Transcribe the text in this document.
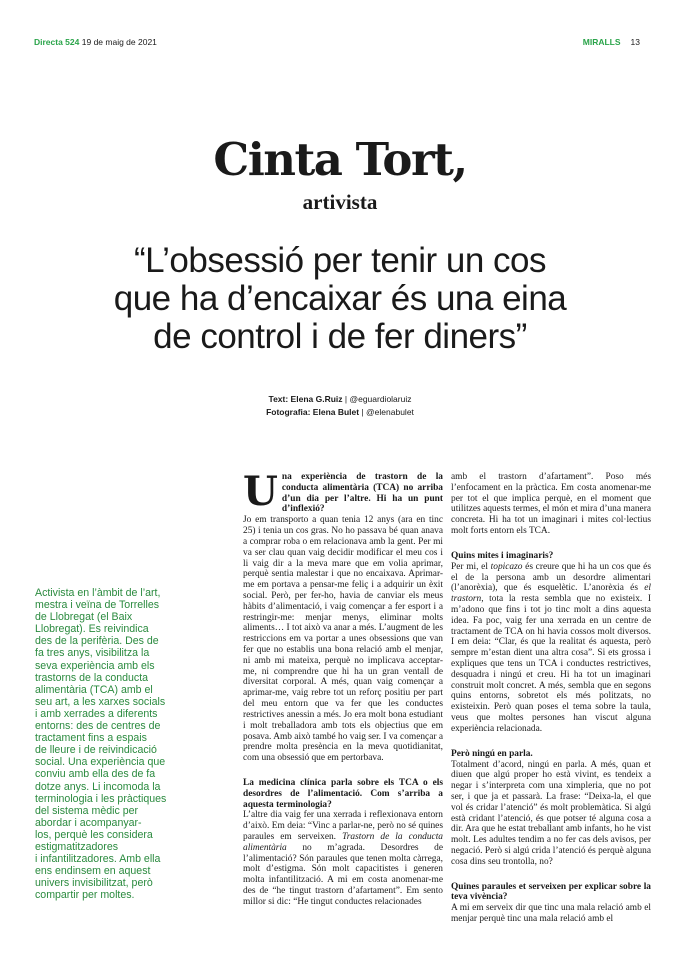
Directa 524 19 de maig de 2021	MIRALLS 13
Cinta Tort,
artivista
“L’obsessió per tenir un cos
que ha d’encaixar és una eina
de control i de fer diners”
Text: Elena G.Ruiz | @eguardiolaruiz
Fotografia: Elena Bulet | @elenabulet
Activista en l’àmbit de l’art,
mestra i veïna de Torrelles
de Llobregat (el Baix
Llobregat). Es reivindica
des de la perifèria. Des de
fa tres anys, visibilitza la
seva experiència amb els
trastorns de la conducta
alimentària (TCA) amb el
seu art, a les xarxes socials
i amb xerrades a diferents
entorns: des de centres de
tractament fins a espais
de lleure i de reivindicació
social. Una experiència que
conviu amb ella des de fa
dotze anys. Li incomoda la
terminologia i les pràctiques
del sistema mèdic per
abordar i acompanyar-
los, perquè les considera
estigmatitzadores
i infantilitzadores. Amb ella
ens endinsem en aquest
univers invisibilitzat, però
compartir per moltes.
U na experiència de trastorn de la conducta alimentària (TCA) no arriba d’un dia per l’altre. Hi ha un punt d’inflexió?

Jo em transporto a quan tenia 12 anys (ara en tinc 25) i tenia un cos gras. No ho passava bé quan anava a comprar roba o em relacionava amb la gent. Per mi va ser clau quan vaig decidir modificar el meu cos i li vaig dir a la meva mare que em volia aprimar, perquè sentia malestar i que no encaixava. Aprimar-me em portava a pensar-me feliç i a adquirir un èxit social. Però, per fer-ho, havia de canviar els meus hàbits d’alimentació, i vaig començar a fer esport i a restringir-me: menjar menys, eliminar molts aliments… I tot això va anar a més. L’augment de les restriccions em va portar a unes obsessions que van fer que no establis una bona relació amb el menjar, ni amb mi mateixa, perquè no implicava acceptar-me, ni comprendre que hi ha un gran ventall de diversitat corporal. A més, quan vaig començar a aprimar-me, vaig rebre tot un reforç positiu per part del meu entorn que va fer que les conductes restrictives anessin a més. Jo era molt bona estudiant i molt treballadora amb tots els objectius que em posava. Amb això també ho vaig ser. I va començar a prendre molta presència en la meva quotidianitat, com una obsessió que em pertorbava.

La medicina clínica parla sobre els TCA o els desordres de l’alimentació. Com s’arriba a aquesta terminologia?

L’altre dia vaig fer una xerrada i reflexionava entorn d’això. Em deia: “Vinc a parlar-ne, però no sé quines paraules em serveixen. Trastorn de la conducta alimentària no m’agrada. Desordres de l’alimentació? Són paraules que tenen molta càrrega, molt d’estigma. Són molt capacitistes i generen molta infantilització. A mi em costa anomenar-me des de “he tingut trastorn d’afartament”. Em sento millor si dic: “He tingut conductes relacionades

amb el trastorn d’afartament”. Poso més l’enfocament en la pràctica. Em costa anomenar-me per tot el que implica perquè, en el moment que utilitzes aquests termes, el món et mira d’una manera concreta. Hi ha tot un imaginari i mites col·lectius molt forts entorn els TCA.

Quins mites i imaginaris?

Per mi, el topicazo és creure que hi ha un cos que és el de la persona amb un desordre alimentari (l’anorèxia), que és esquelètic. L’anorèxia és el trastorn, tota la resta sembla que no existeix. I m’adono que fins i tot jo tinc molt a dins aquesta idea. Fa poc, vaig fer una xerrada en un centre de tractament de TCA on hi havia cossos molt diversos. I em deia: “Clar, és que la realitat és aquesta, però sempre m’estan dient una altra cosa”. Si ets grossa i expliques que tens un TCA i conductes restrictives, desquadra i ningú et creu. Hi ha tot un imaginari construit molt concret. A més, sembla que en segons quins entorns, sobretot els més politzats, no existeixin. Però quan poses el tema sobre la taula, veus que moltes persones han viscut alguna experiència relacionada.

Però ningú en parla.

Totalment d’acord, ningú en parla. A més, quan et diuen que algú proper ho està vivint, es tendeix a negar i s’interpreta com una ximpleria, que no pot ser, i que ja et passarà. La frase: “Deixa-la, el que vol és cridar l’atenció” és molt problemàtica. Si algú està cridant l’atenció, és que potser té alguna cosa a dir. Ara que he estat treballant amb infants, ho he vist molt. Les adultes tendim a no fer cas dels avisos, per negació. Però si algú crida l’atenció és perquè alguna cosa dins seu trontolla, no?

Quines paraules et serveixen per explicar sobre la teva vivència?

A mi em serveix dir que tinc una mala relació amb el menjar perquè tinc una mala relació amb el
